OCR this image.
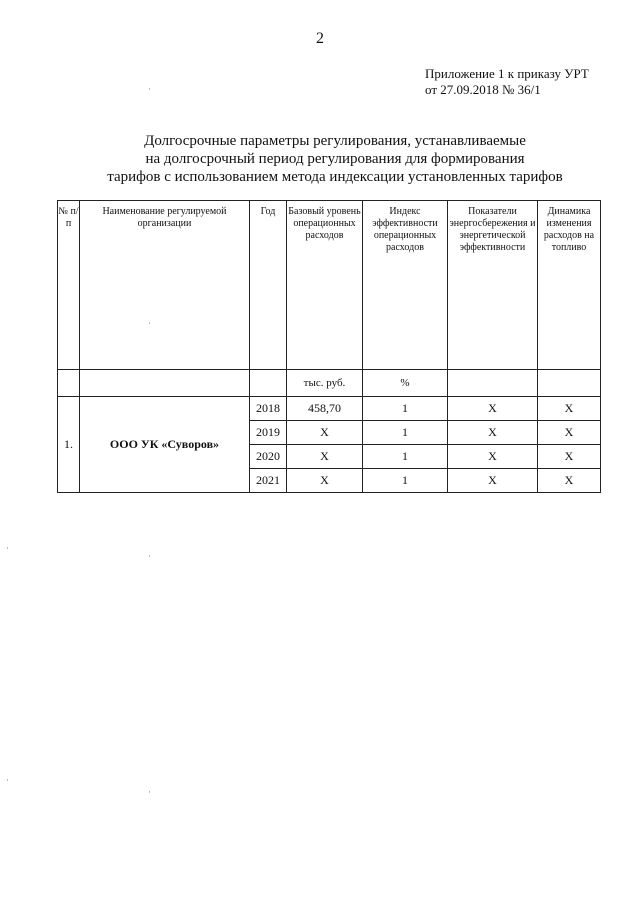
2
Приложение 1 к приказу УРТ
от 27.09.2018 № 36/1
Долгосрочные параметры регулирования, устанавливаемые
на долгосрочный период регулирования для формирования
тарифов с использованием метода индексации установленных тарифов
№ п/п	Наименование регулируемой организации	Год	Базовый уровень операционных расходов	Индекс эффективности операционных расходов	Показатели энергосбережения и энергетической эффективности	Динамика изменения расходов на топливо
			тыс. руб.	%		
1.	ООО УК «Суворов»	2018	458,70	1	X	X
		2019	X	1	X	X
		2020	X	1	X	X
		2021	X	1	X	X
·
·
·
·
·
·
